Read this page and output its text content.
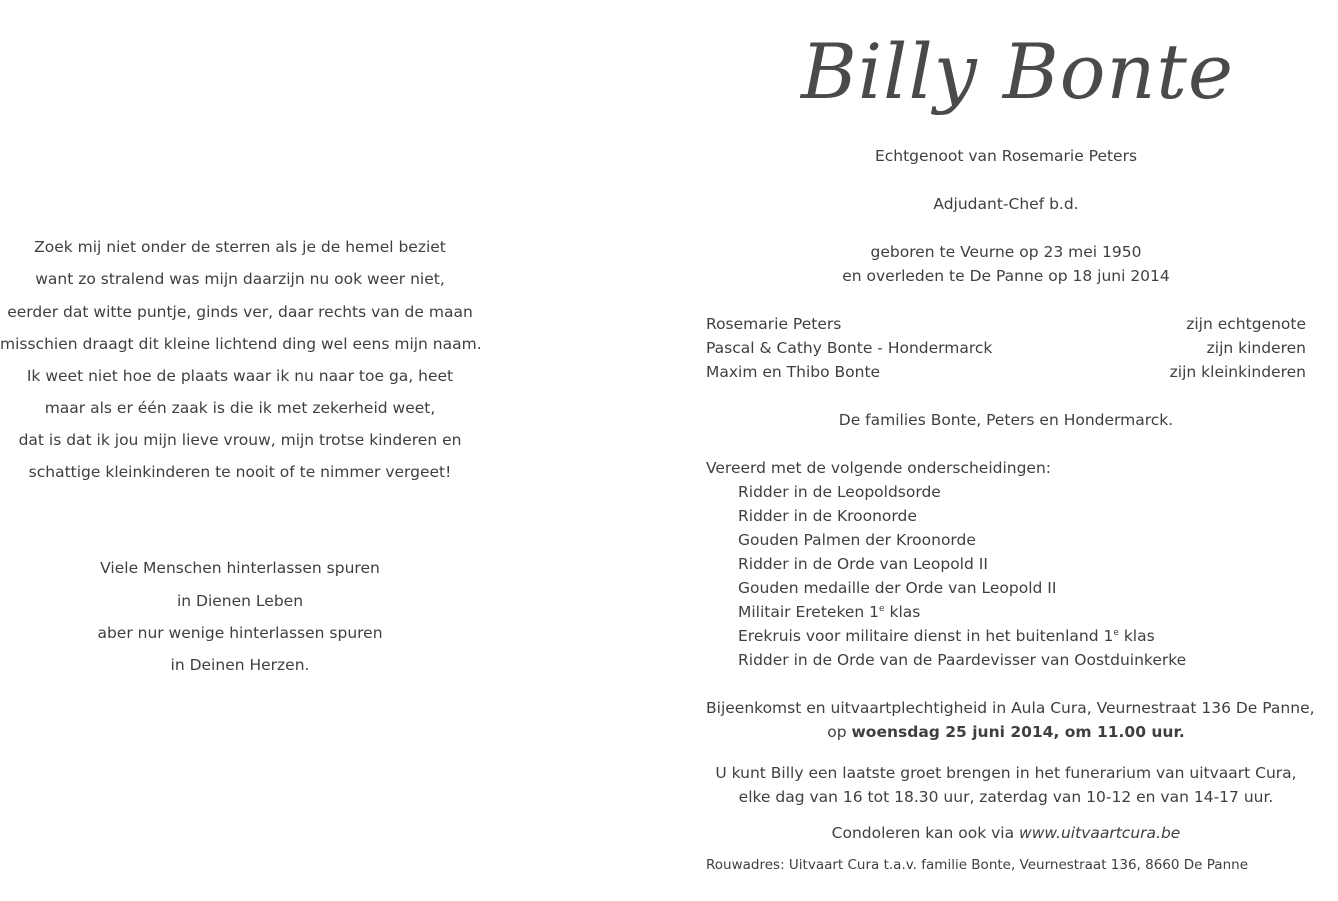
Zoek mij niet onder de sterren als je de hemel beziet
want zo stralend was mijn daarzijn nu ook weer niet,
eerder dat witte puntje, ginds ver, daar rechts van de maan
misschien draagt dit kleine lichtend ding wel eens mijn naam.
Ik weet niet hoe de plaats waar ik nu naar toe ga, heet
maar als er één zaak is die ik met zekerheid weet,
dat is dat ik jou mijn lieve vrouw, mijn trotse kinderen en
schattige kleinkinderen te nooit of te nimmer vergeet!
Viele Menschen hinterlassen spuren
in Dienen Leben
aber nur wenige hinterlassen spuren
in Deinen Herzen.
Billy Bonte
Echtgenoot van Rosemarie Peters
Adjudant-Chef b.d.
geboren te Veurne op 23 mei 1950
en overleden te De Panne op 18 juni 2014
Rosemarie Peters	zijn echtgenote
Pascal & Cathy Bonte - Hondermarck	zijn kinderen
Maxim en Thibo Bonte	zijn kleinkinderen
De families Bonte, Peters en Hondermarck.
Vereerd met de volgende onderscheidingen:
Ridder in de Leopoldsorde
Ridder in de Kroonorde
Gouden Palmen der Kroonorde
Ridder in de Orde van Leopold II
Gouden medaille der Orde van Leopold II
Militair Ereteken 1e klas
Erekruis voor militaire dienst in het buitenland 1e klas
Ridder in de Orde van de Paardevisser van Oostduinkerke
Bijeenkomst en uitvaartplechtigheid in Aula Cura, Veurnestraat 136 De Panne,
op woensdag 25 juni 2014, om 11.00 uur.
U kunt Billy een laatste groet brengen in het funerarium van uitvaart Cura,
elke dag van 16 tot 18.30 uur, zaterdag van 10-12 en van 14-17 uur.
Condoleren kan ook via www.uitvaartcura.be
Rouwadres: Uitvaart Cura t.a.v. familie Bonte, Veurnestraat 136, 8660 De Panne
